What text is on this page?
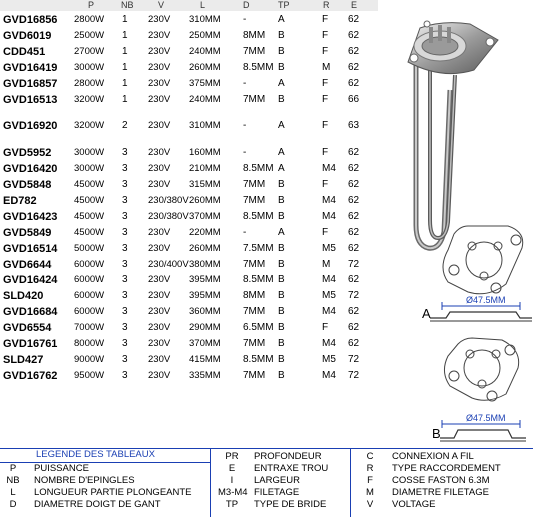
P	NB	V	L	D	TP	R E
GVD16856 2800W 1 230V 310MM -	A	F 62
GVD6019 2500W 1 230V 250MM 8MM B	F 62
CDD451	2700W 1 230V 240MM 7MM B	F 62
GVD16419 3000W 1 230V 260MM 8.5MM B	M 62
GVD16857 2800W 1 230V 375MM -	A	F 62
GVD16513 3200W 1 230V 240MM 7MM B	F 66
GVD16920 3200W 2 230V 310MM -	A	F 63
GVD5952 3000W 3 230V 160MM -	A	F 62
GVD16420 3000W 3 230V 210MM 8.5MM A	M4 62
GVD5848 4500W 3 230V 315MM 7MM B	F 62
ED782	4500W 3 230/380V 260MM 7MM B	M4 62
GVD16423 4500W 3 230/380V 370MM 8.5MM B	M4 62
GVD5849 4500W 3 230V 220MM -	A	F 62
GVD16514 5000W 3 230V 260MM 7.5MM B	M5 62
GVD6644 6000W 3 230/400V 380MM 7MM B	M 72
GVD16424 6000W 3 230V 395MM 8.5MM B	M4 62
SLD420	6000W 3 230V 395MM 8MM B	M5 72
GVD16684 6000W 3 230V 360MM 7MM B	M4 62
GVD6554 7000W 3 230V 290MM 6.5MM B	F 62
GVD16761 8000W 3 230V 370MM 7MM B	M4 62
SLD427	9000W 3 230V 415MM 8.5MM B	M5 72
GVD16762 9500W 3 230V 335MM 7MM B	M4 72
A
B
Ø47.5MM
Ø47.5MM
LEGENDE DES TABLEAUX
P	PUISSANCE
NB	NOMBRE D'EPINGLES
L	LONGUEUR PARTIE PLONGEANTE
D	DIAMETRE DOIGT DE GANT
PR	PROFONDEUR
E	ENTRAXE TROU
I	LARGEUR
M3-M4 FILETAGE
TP	TYPE DE BRIDE
C	CONNEXION A FIL
R	TYPE RACCORDEMENT
F	COSSE FASTON 6.3M
M	DIAMETRE FILETAGE
V	VOLTAGE
